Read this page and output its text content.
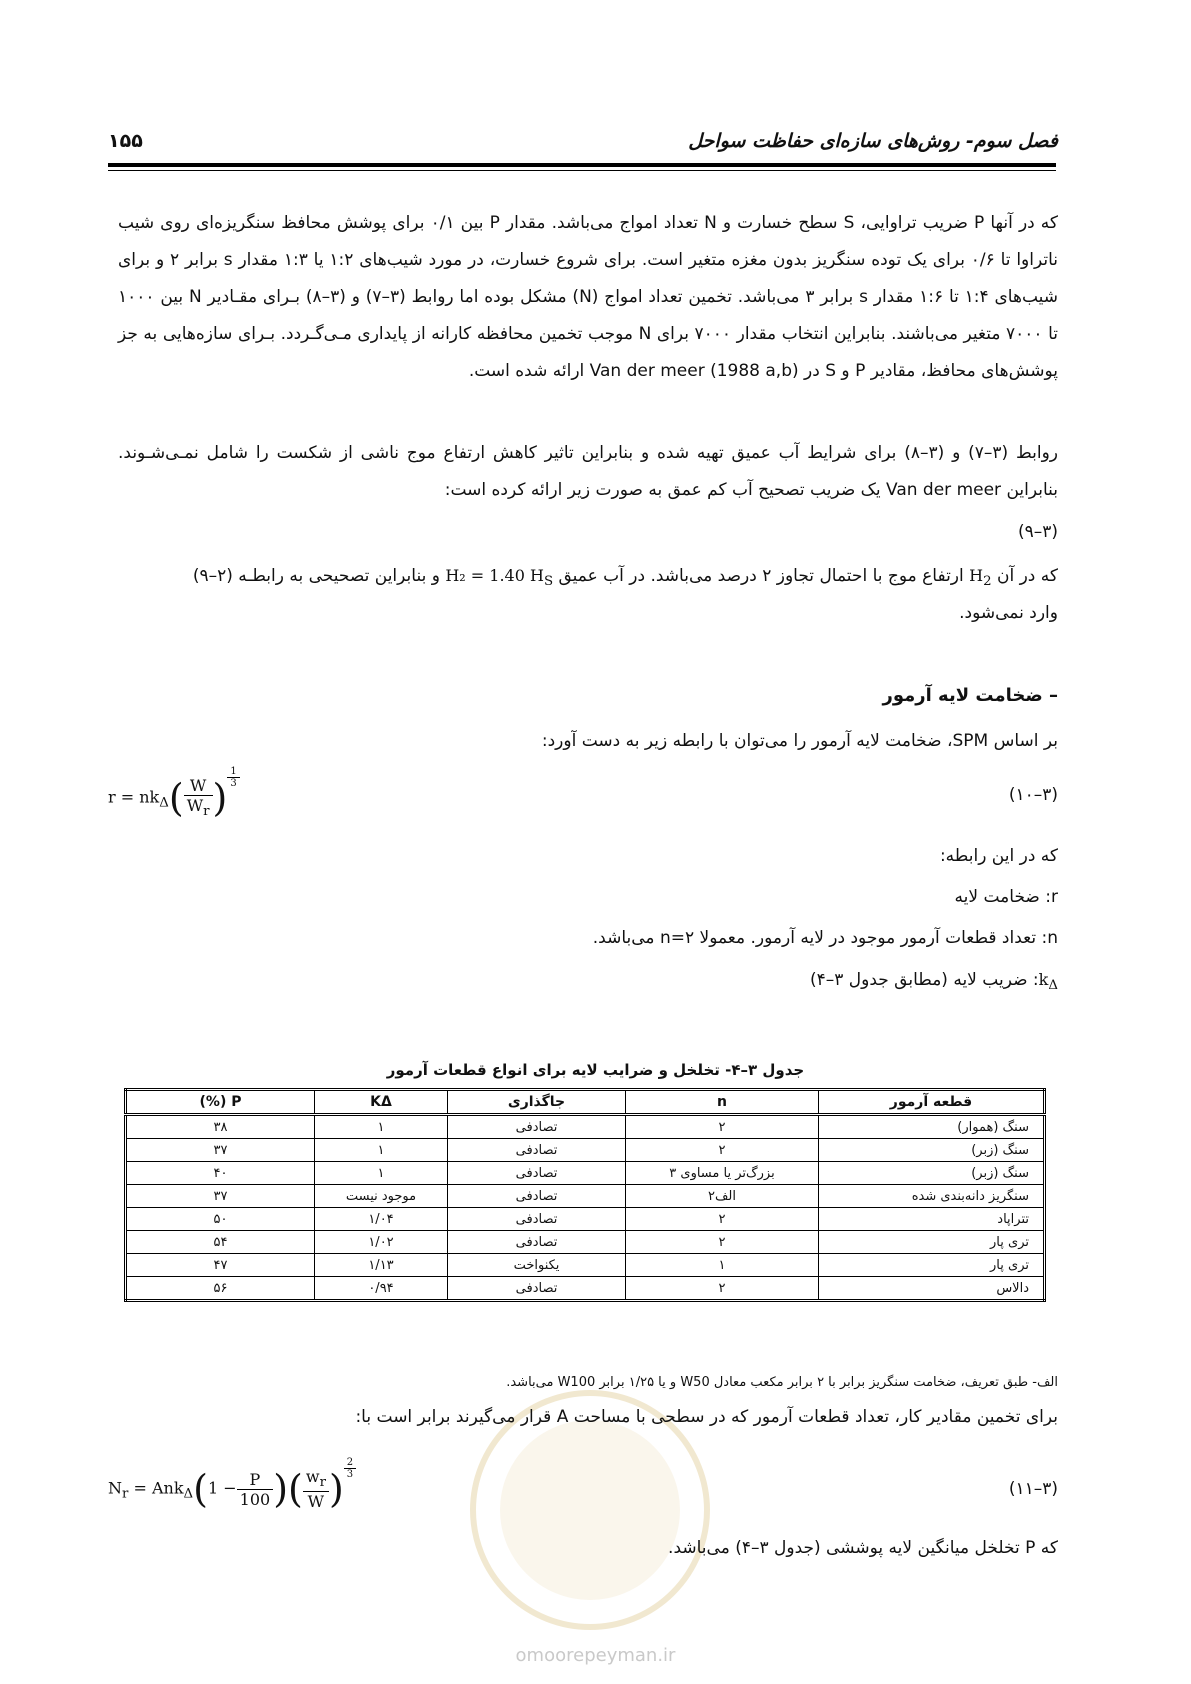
فصل سوم- روش‌های سازه‌ای حفاظت سواحل
۱۵۵
که در آنها P ضریب تراوایی، S سطح خسارت و N تعداد امواج می‌باشد. مقدار P بین ۰/۱ برای پوشش محافظ سنگریزه‌ای روی شیب ناتراوا تا ۰/۶ برای یک توده سنگریز بدون مغزه متغیر است. برای شروع خسارت، در مورد شیب‌های ۱:۲ یا ۱:۳ مقدار s برابر ۲ و برای شیب‌های ۱:۴ تا ۱:۶ مقدار s برابر ۳ می‌باشد. تخمین تعداد امواج (N) مشکل بوده اما روابط (۳–۷) و (۳–۸) بـرای مقـادیر N بین ۱۰۰۰ تا ۷۰۰۰ متغیر می‌باشند. بنابراین انتخاب مقدار ۷۰۰۰ برای N موجب تخمین محافظه کارانه از پایداری مـی‌گـردد. بـرای سازه‌هایی به جز پوشش‌های محافظ، مقادیر P و S در Van der meer (1988 a,b) ارائه شده است.
روابط (۳–۷) و (۳–۸) برای شرایط آب عمیق تهیه شده و بنابراین تاثیر کاهش ارتفاع موج ناشی از شکست را شامل نمـی‌شـوند. بنابراین Van der meer یک ضریب تصحیح آب کم عمق به صورت زیر ارائه کرده است:
(۳–۹)
که در آن $H_2$ ارتفاع موج با احتمال تجاوز ۲ درصد می‌باشد. در آب عمیق H₂ = 1.40 $H_S$ و بنابراین تصحیحی به رابطـه (۲–۹)
وارد نمی‌شود.
– ضخامت لایه آرمور
بر اساس SPM، ضخامت لایه آرمور را می‌توان با رابطه زیر به دست آورد:
$r = nk_\Delta( \frac{W}{W_r}$ ) $^{\frac{1}{3}}$
(۳–۱۰)
که در این رابطه:
r: ضخامت لایه
n: تعداد قطعات آرمور موجود در لایه آرمور. معمولا n=۲ می‌باشد.
$k_\Delta$: ضریب لایه (مطابق جدول ۳–۴)
جدول ۳–۴- تخلخل و ضرایب لایه برای انواع قطعات آرمور
قطعه آرمور	n	جاگذاری	KΔ	P (%)
سنگ (هموار)	۲	تصادفی	۱	۳۸
سنگ (زبر)	۲	تصادفی	۱	۳۷
سنگ (زبر)	بزرگ‌تر یا مساوی ۳	تصادفی	۱	۴۰
سنگریز دانه‌بندی شده	الف۲	تصادفی	موجود نیست	۳۷
تتراپاد	۲	تصادفی	۱/۰۴	۵۰
تری پار	۲	تصادفی	۱/۰۲	۵۴
تری پار	۱	یکنواخت	۱/۱۳	۴۷
دالاس	۲	تصادفی	۰/۹۴	۵۶
الف- طبق تعریف، ضخامت سنگریز برابر با ۲ برابر مکعب معادل W50 و یا ۱/۲۵ برابر W100 می‌باشد.
برای تخمین مقادیر کار، تعداد قطعات آرمور که در سطحی با مساحت A قرار می‌گیرند برابر است با:
$N_r = Ank_\Delta(1 - \frac{P}{100}$ )( $\frac{w_r}{W}$ ) $^{\frac{2}{3}}$
(۳–۱۱)
که P تخلخل میانگین لایه پوششی (جدول ۳–۴) می‌باشد.
omoorepeyman.ir
